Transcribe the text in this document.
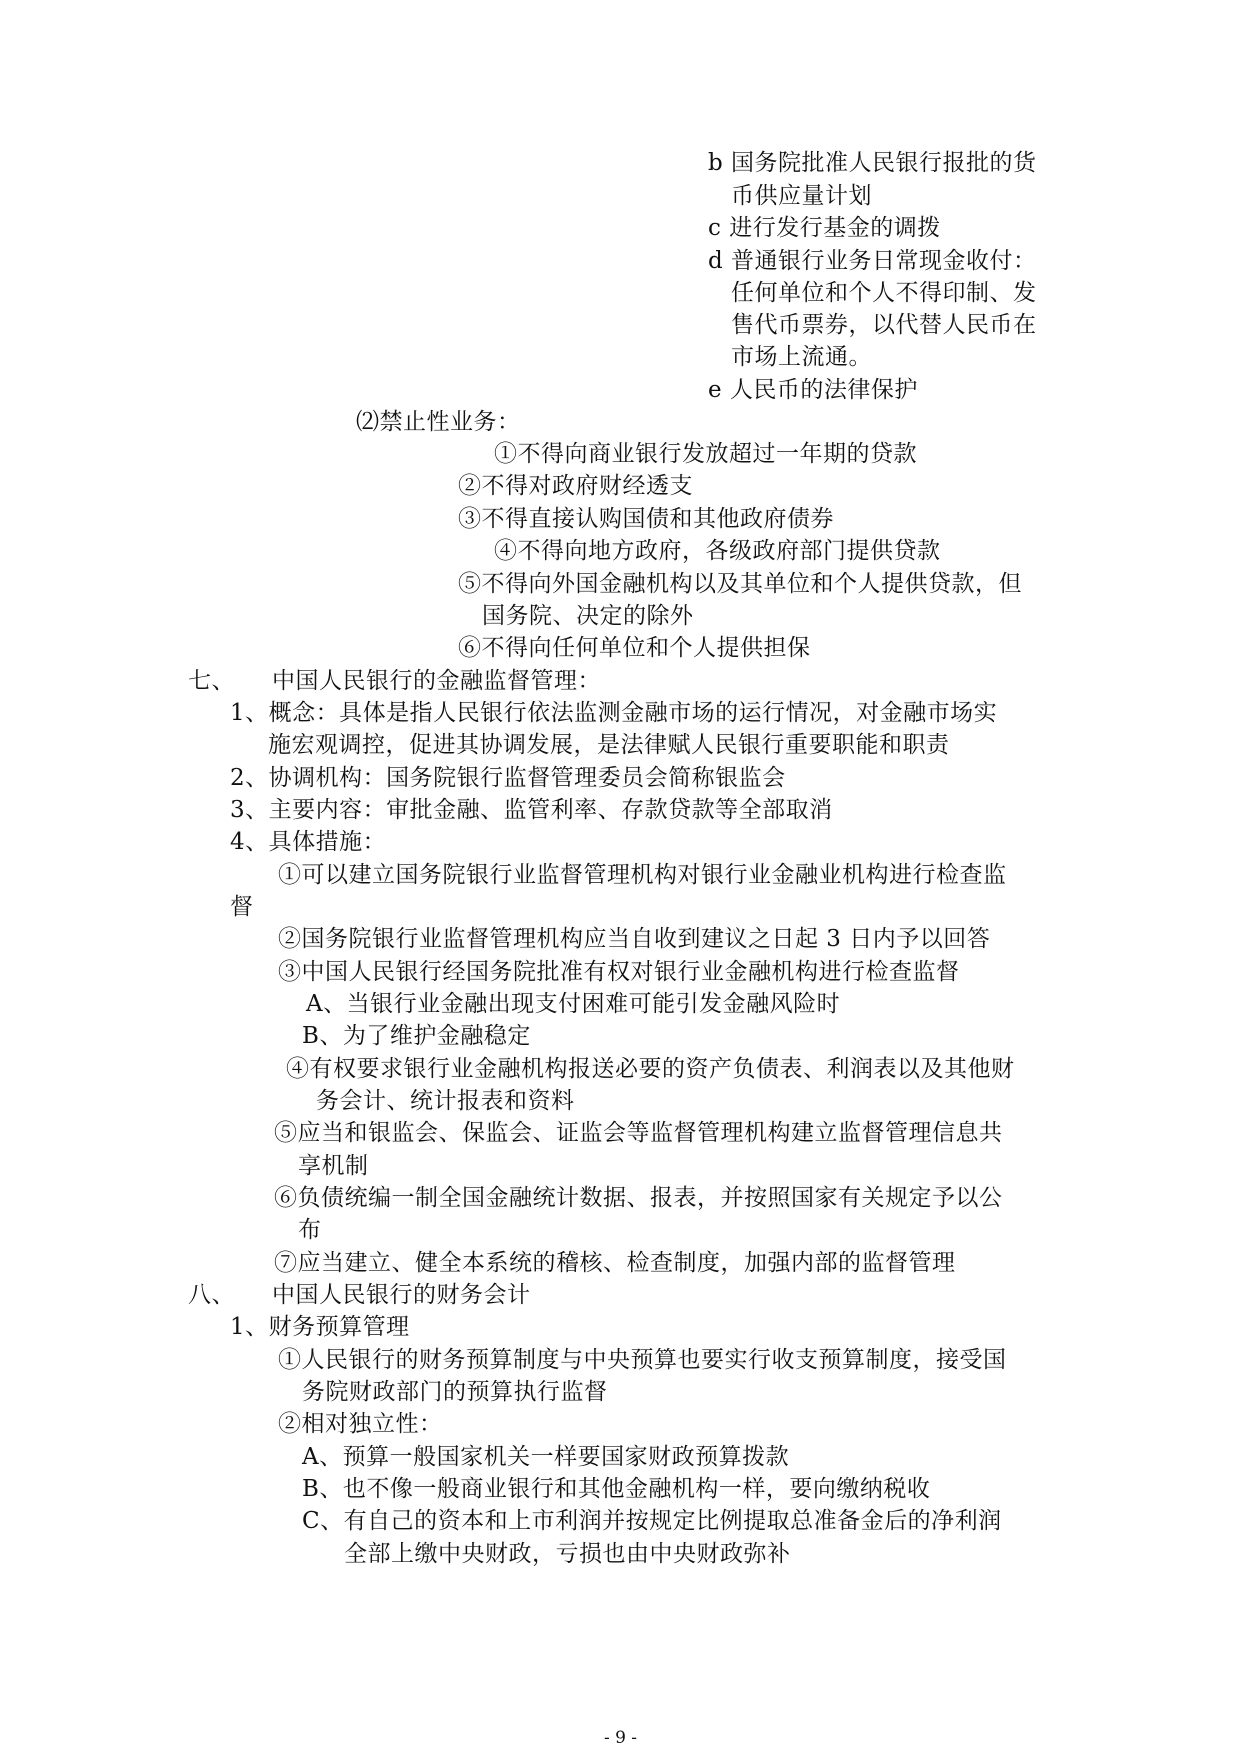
b 国务院批准人民银行报批的货
币供应量计划
c 进行发行基金的调拨
d 普通银行业务日常现金收付：
任何单位和个人不得印制、发
售代币票券，以代替人民币在
市场上流通。
e 人民币的法律保护
⑵禁止性业务：
①不得向商业银行发放超过一年期的贷款
②不得对政府财经透支
③不得直接认购国债和其他政府债券
④不得向地方政府，各级政府部门提供贷款
⑤不得向外国金融机构以及其单位和个人提供贷款，但
国务院、决定的除外
⑥不得向任何单位和个人提供担保
七、 中国人民银行的金融监督管理：
1、概念：具体是指人民银行依法监测金融市场的运行情况，对金融市场实
施宏观调控，促进其协调发展，是法律赋人民银行重要职能和职责
2、协调机构：国务院银行监督管理委员会简称银监会
3、主要内容：审批金融、监管利率、存款贷款等全部取消
4、具体措施：
①可以建立国务院银行业监督管理机构对银行业金融业机构进行检查监
督
②国务院银行业监督管理机构应当自收到建议之日起 3 日内予以回答
③中国人民银行经国务院批准有权对银行业金融机构进行检查监督
A、当银行业金融出现支付困难可能引发金融风险时
B、为了维护金融稳定
④有权要求银行业金融机构报送必要的资产负债表、利润表以及其他财
务会计、统计报表和资料
⑤应当和银监会、保监会、证监会等监督管理机构建立监督管理信息共
享机制
⑥负债统编一制全国金融统计数据、报表，并按照国家有关规定予以公
布
⑦应当建立、健全本系统的稽核、检查制度，加强内部的监督管理
八、 中国人民银行的财务会计
1、财务预算管理
①人民银行的财务预算制度与中央预算也要实行收支预算制度，接受国
务院财政部门的预算执行监督
②相对独立性：
A、预算一般国家机关一样要国家财政预算拨款
B、也不像一般商业银行和其他金融机构一样，要向缴纳税收
C、有自己的资本和上市利润并按规定比例提取总准备金后的净利润
全部上缴中央财政，亏损也由中央财政弥补
- 9 -
